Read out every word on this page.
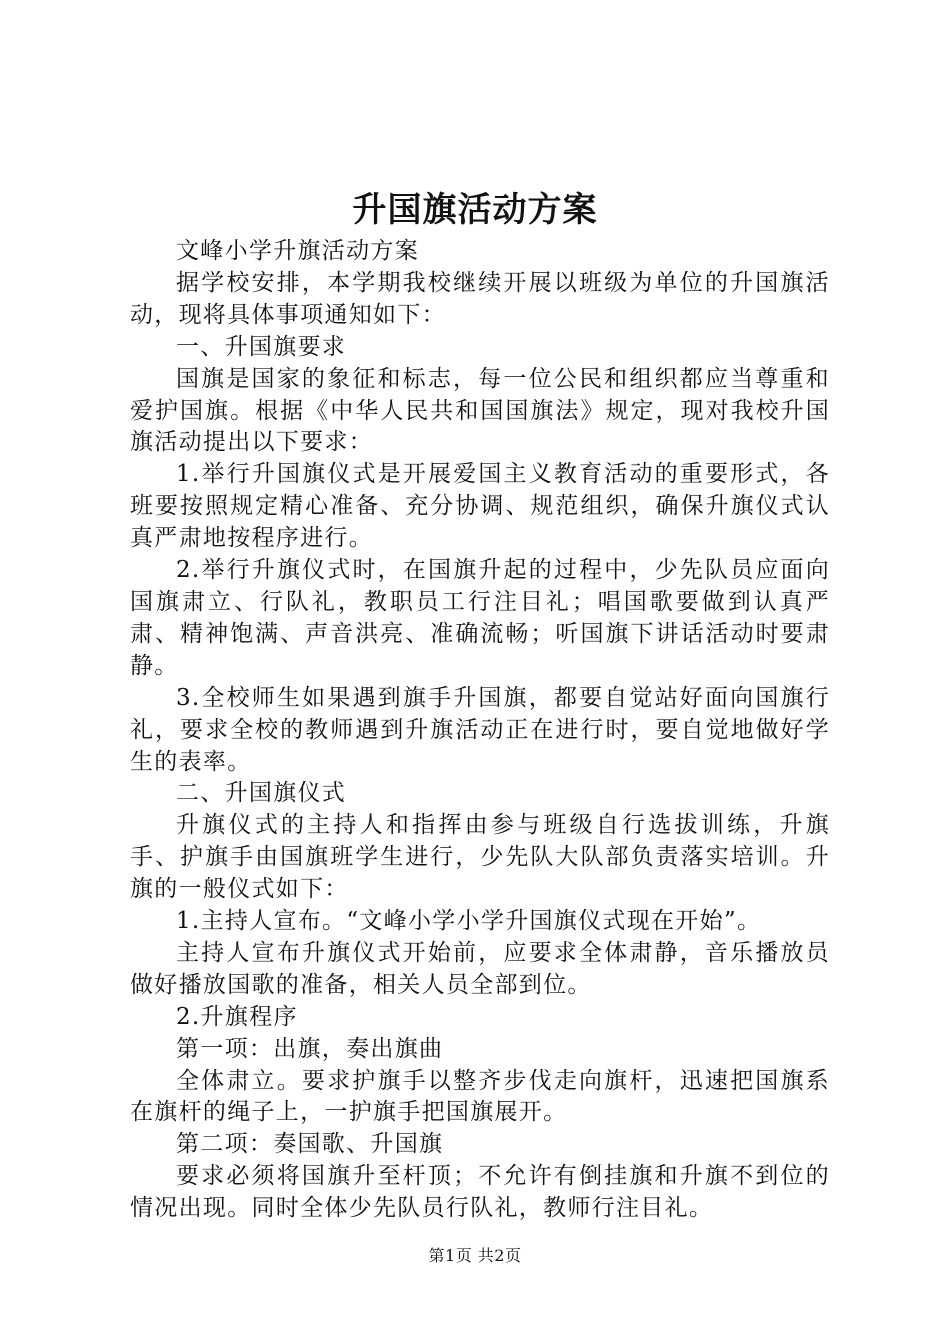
升国旗活动方案

文峰小学升旗活动方案

据学校安排，本学期我校继续开展以班级为单位的升国旗活动，现将具体事项通知如下：

一、升国旗要求

国旗是国家的象征和标志，每一位公民和组织都应当尊重和爱护国旗。根据《中华人民共和国国旗法》规定，现对我校升国旗活动提出以下要求：

1.举行升国旗仪式是开展爱国主义教育活动的重要形式，各班要按照规定精心准备、充分协调、规范组织，确保升旗仪式认真严肃地按程序进行。

2.举行升旗仪式时，在国旗升起的过程中，少先队员应面向国旗肃立、行队礼，教职员工行注目礼；唱国歌要做到认真严肃、精神饱满、声音洪亮、准确流畅；听国旗下讲话活动时要肃静。

3.全校师生如果遇到旗手升国旗，都要自觉站好面向国旗行礼，要求全校的教师遇到升旗活动正在进行时，要自觉地做好学生的表率。

二、升国旗仪式

升旗仪式的主持人和指挥由参与班级自行选拔训练，升旗手、护旗手由国旗班学生进行，少先队大队部负责落实培训。升旗的一般仪式如下：

1.主持人宣布。“文峰小学小学升国旗仪式现在开始”。

主持人宣布升旗仪式开始前，应要求全体肃静，音乐播放员做好播放国歌的准备，相关人员全部到位。

2.升旗程序

第一项：出旗，奏出旗曲

全体肃立。要求护旗手以整齐步伐走向旗杆，迅速把国旗系在旗杆的绳子上，一护旗手把国旗展开。

第二项：奏国歌、升国旗

要求必须将国旗升至杆顶；不允许有倒挂旗和升旗不到位的情况出现。同时全体少先队员行队礼，教师行注目礼。

第1页 共2页
